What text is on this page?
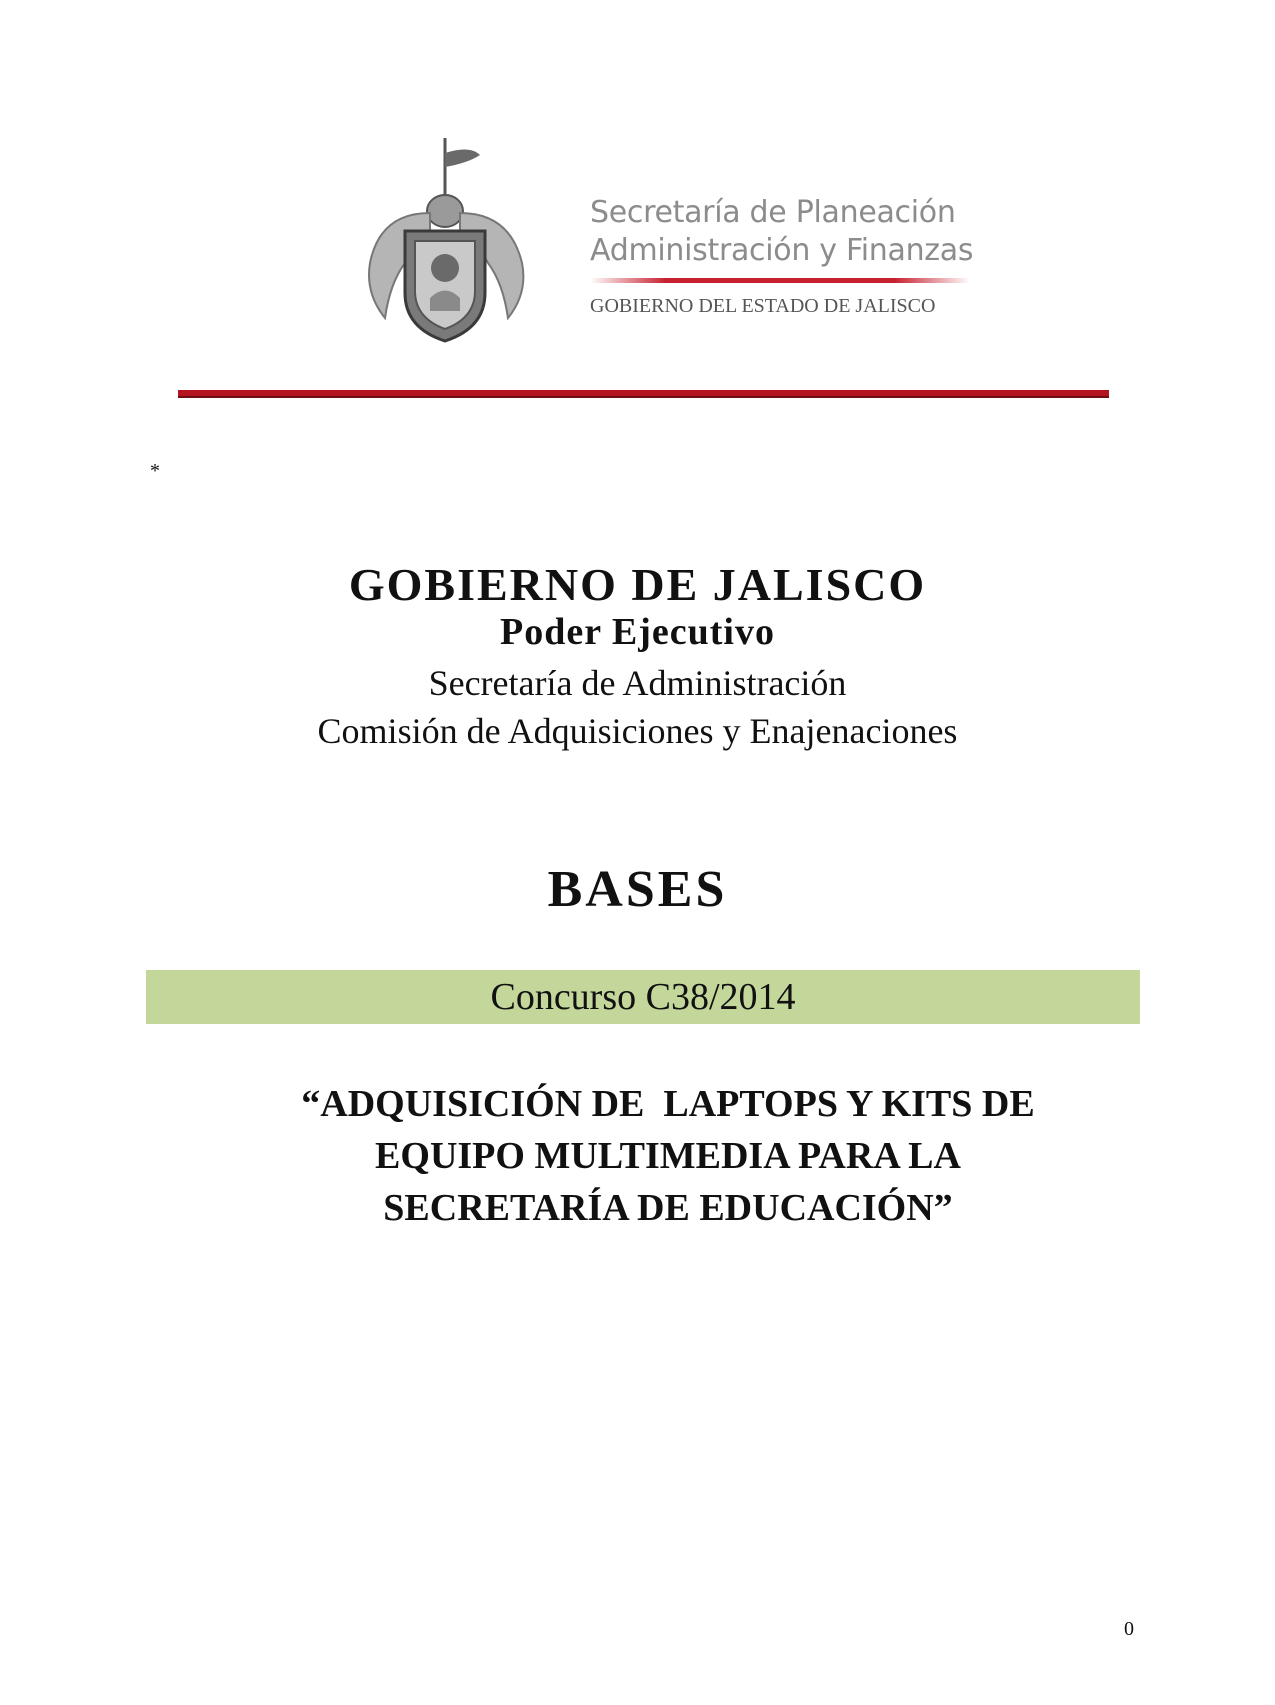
Secretaría de Planeación
Administración y Finanzas
GOBIERNO DEL ESTADO DE JALISCO
*
GOBIERNO DE JALISCO
Poder Ejecutivo
Secretaría de Administración
Comisión de Adquisiciones y Enajenaciones
BASES
Concurso C38/2014
“ADQUISICIÓN DE  LAPTOPS Y KITS DE
EQUIPO MULTIMEDIA PARA LA
SECRETARÍA DE EDUCACIÓN”
0
